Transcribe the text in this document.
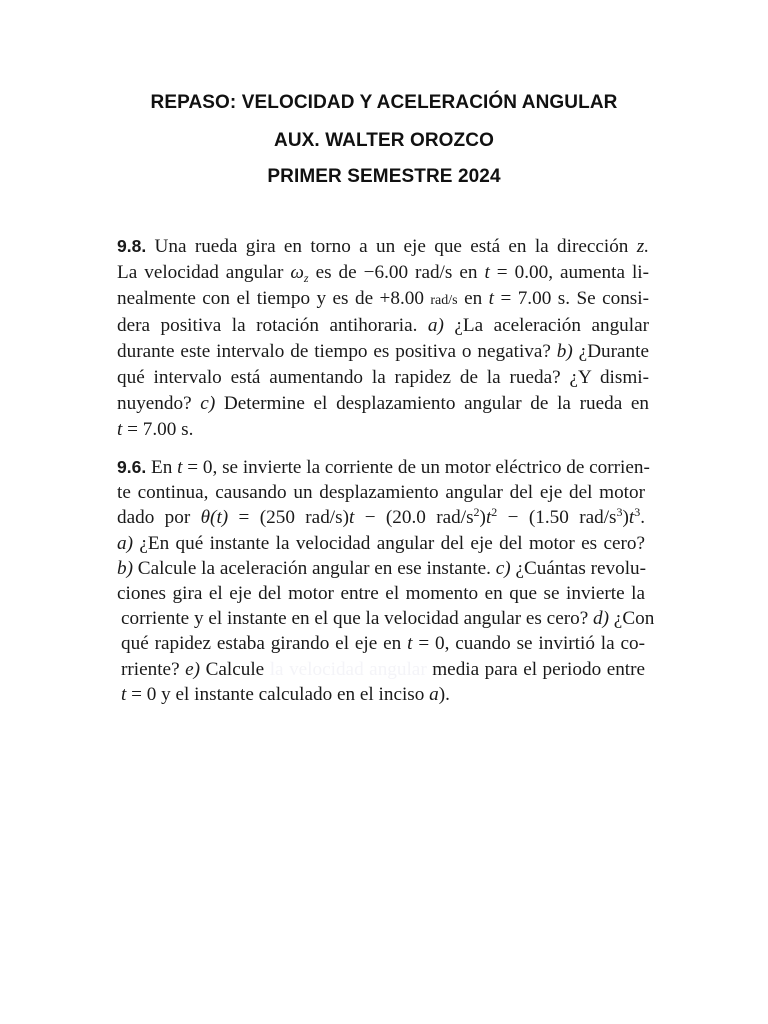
REPASO: VELOCIDAD Y ACELERACIÓN ANGULAR
AUX. WALTER OROZCO
PRIMER SEMESTRE 2024
9.8. Una rueda gira en torno a un eje que está en la dirección z.
La velocidad angular $\omega_z$ es de −6.00 rad/s en t = 0.00, aumenta li-
nealmente con el tiempo y es de +8.00 rad/s en t = 7.00 s. Se consi-
dera positiva la rotación antihoraria. a) ¿La aceleración angular
durante este intervalo de tiempo es positiva o negativa? b) ¿Durante
qué intervalo está aumentando la rapidez de la rueda? ¿Y dismi-
nuyendo? c) Determine el desplazamiento angular de la rueda en
t = 7.00 s.
9.6. En t = 0, se invierte la corriente de un motor eléctrico de corrien-
te continua, causando un desplazamiento angular del eje del motor
dado por θ(t) = (250 rad/s)t − (20.0 rad/$s^2)t^2 - (1.50$ rad/$s^3)t^3$.
a) ¿En qué instante la velocidad angular del eje del motor es cero?
b) Calcule la aceleración angular en ese instante. c) ¿Cuántas revolu-
ciones gira el eje del motor entre el momento en que se invierte la
corriente y el instante en el que la velocidad angular es cero? d) ¿Con
qué rapidez estaba girando el eje en t = 0, cuando se invirtió la co-
rriente? e) Calcule la velocidad angular media para el periodo entre
t = 0 y el instante calculado en el inciso a).
